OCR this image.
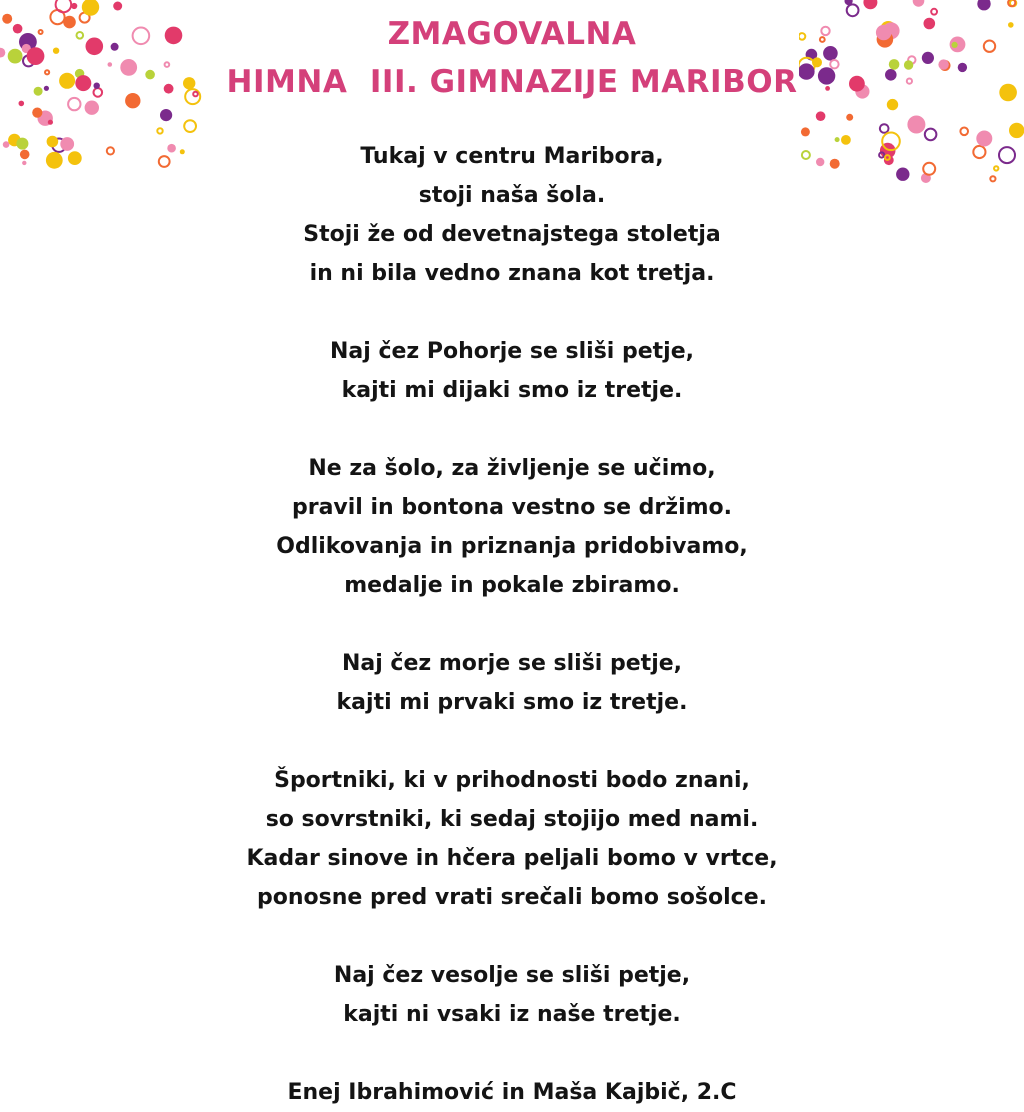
ZMAGOVALNA
HIMNA  III. GIMNAZIJE MARIBOR
Tukaj v centru Maribora,
stoji naša šola.
Stoji že od devetnajstega stoletja
in ni bila vedno znana kot tretja.
Naj čez Pohorje se sliši petje,
kajti mi dijaki smo iz tretje.
Ne za šolo, za življenje se učimo,
pravil in bontona vestno se držimo.
Odlikovanja in priznanja pridobivamo,
medalje in pokale zbiramo.
Naj čez morje se sliši petje,
kajti mi prvaki smo iz tretje.
Športniki, ki v prihodnosti bodo znani,
so sovrstniki, ki sedaj stojijo med nami.
Kadar sinove in hčera peljali bomo v vrtce,
ponosne pred vrati srečali bomo sošolce.
Naj čez vesolje se sliši petje,
kajti ni vsaki iz naše tretje.
Enej Ibrahimović in Maša Kajbič, 2.C
